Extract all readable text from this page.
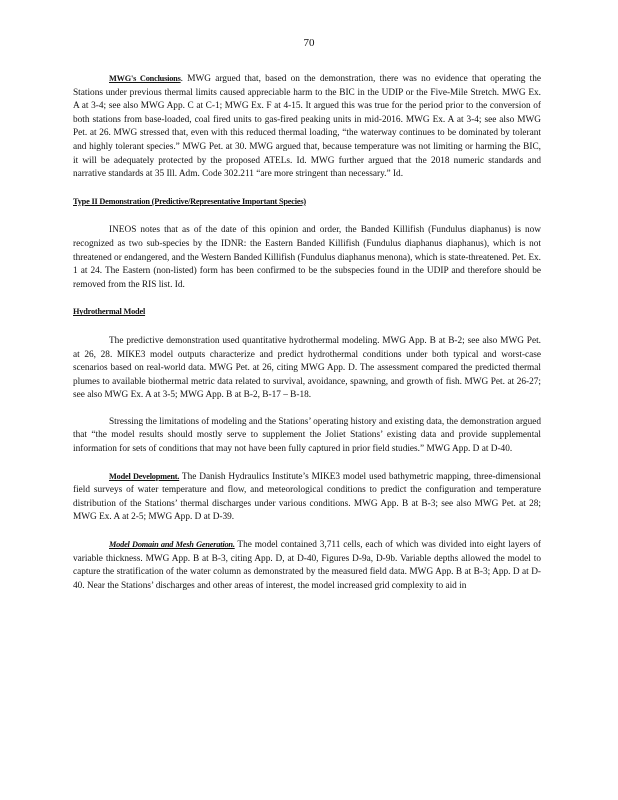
70

MWG's Conclusions. MWG argued that, based on the demonstration, there was no evidence that operating the Stations under previous thermal limits caused appreciable harm to the BIC in the UDIP or the Five-Mile Stretch. MWG Ex. A at 3-4; see also MWG App. C at C-1; MWG Ex. F at 4-15. It argued this was true for the period prior to the conversion of both stations from base-loaded, coal fired units to gas-fired peaking units in mid-2016. MWG Ex. A at 3-4; see also MWG Pet. at 26. MWG stressed that, even with this reduced thermal loading, “the waterway continues to be dominated by tolerant and highly tolerant species.” MWG Pet. at 30. MWG argued that, because temperature was not limiting or harming the BIC, it will be adequately protected by the proposed ATELs. Id. MWG further argued that the 2018 numeric standards and narrative standards at 35 Ill. Adm. Code 302.211 “are more stringent than necessary.” Id.

Type II Demonstration (Predictive/Representative Important Species)

INEOS notes that as of the date of this opinion and order, the Banded Killifish (Fundulus diaphanus) is now recognized as two sub-species by the IDNR: the Eastern Banded Killifish (Fundulus diaphanus diaphanus), which is not threatened or endangered, and the Western Banded Killifish (Fundulus diaphanus menona), which is state-threatened. Pet. Ex. 1 at 24. The Eastern (non-listed) form has been confirmed to be the subspecies found in the UDIP and therefore should be removed from the RIS list. Id.

Hydrothermal Model

The predictive demonstration used quantitative hydrothermal modeling. MWG App. B at B-2; see also MWG Pet. at 26, 28. MIKE3 model outputs characterize and predict hydrothermal conditions under both typical and worst-case scenarios based on real-world data. MWG Pet. at 26, citing MWG App. D. The assessment compared the predicted thermal plumes to available biothermal metric data related to survival, avoidance, spawning, and growth of fish. MWG Pet. at 26-27; see also MWG Ex. A at 3-5; MWG App. B at B-2, B-17 – B-18.

Stressing the limitations of modeling and the Stations’ operating history and existing data, the demonstration argued that “the model results should mostly serve to supplement the Joliet Stations’ existing data and provide supplemental information for sets of conditions that may not have been fully captured in prior field studies.” MWG App. D at D-40.

Model Development. The Danish Hydraulics Institute’s MIKE3 model used bathymetric mapping, three-dimensional field surveys of water temperature and flow, and meteorological conditions to predict the configuration and temperature distribution of the Stations’ thermal discharges under various conditions. MWG App. B at B-3; see also MWG Pet. at 28; MWG Ex. A at 2-5; MWG App. D at D-39.

Model Domain and Mesh Generation. The model contained 3,711 cells, each of which was divided into eight layers of variable thickness. MWG App. B at B-3, citing App. D, at D-40, Figures D-9a, D-9b. Variable depths allowed the model to capture the stratification of the water column as demonstrated by the measured field data. MWG App. B at B-3; App. D at D-40. Near the Stations’ discharges and other areas of interest, the model increased grid complexity to aid in
